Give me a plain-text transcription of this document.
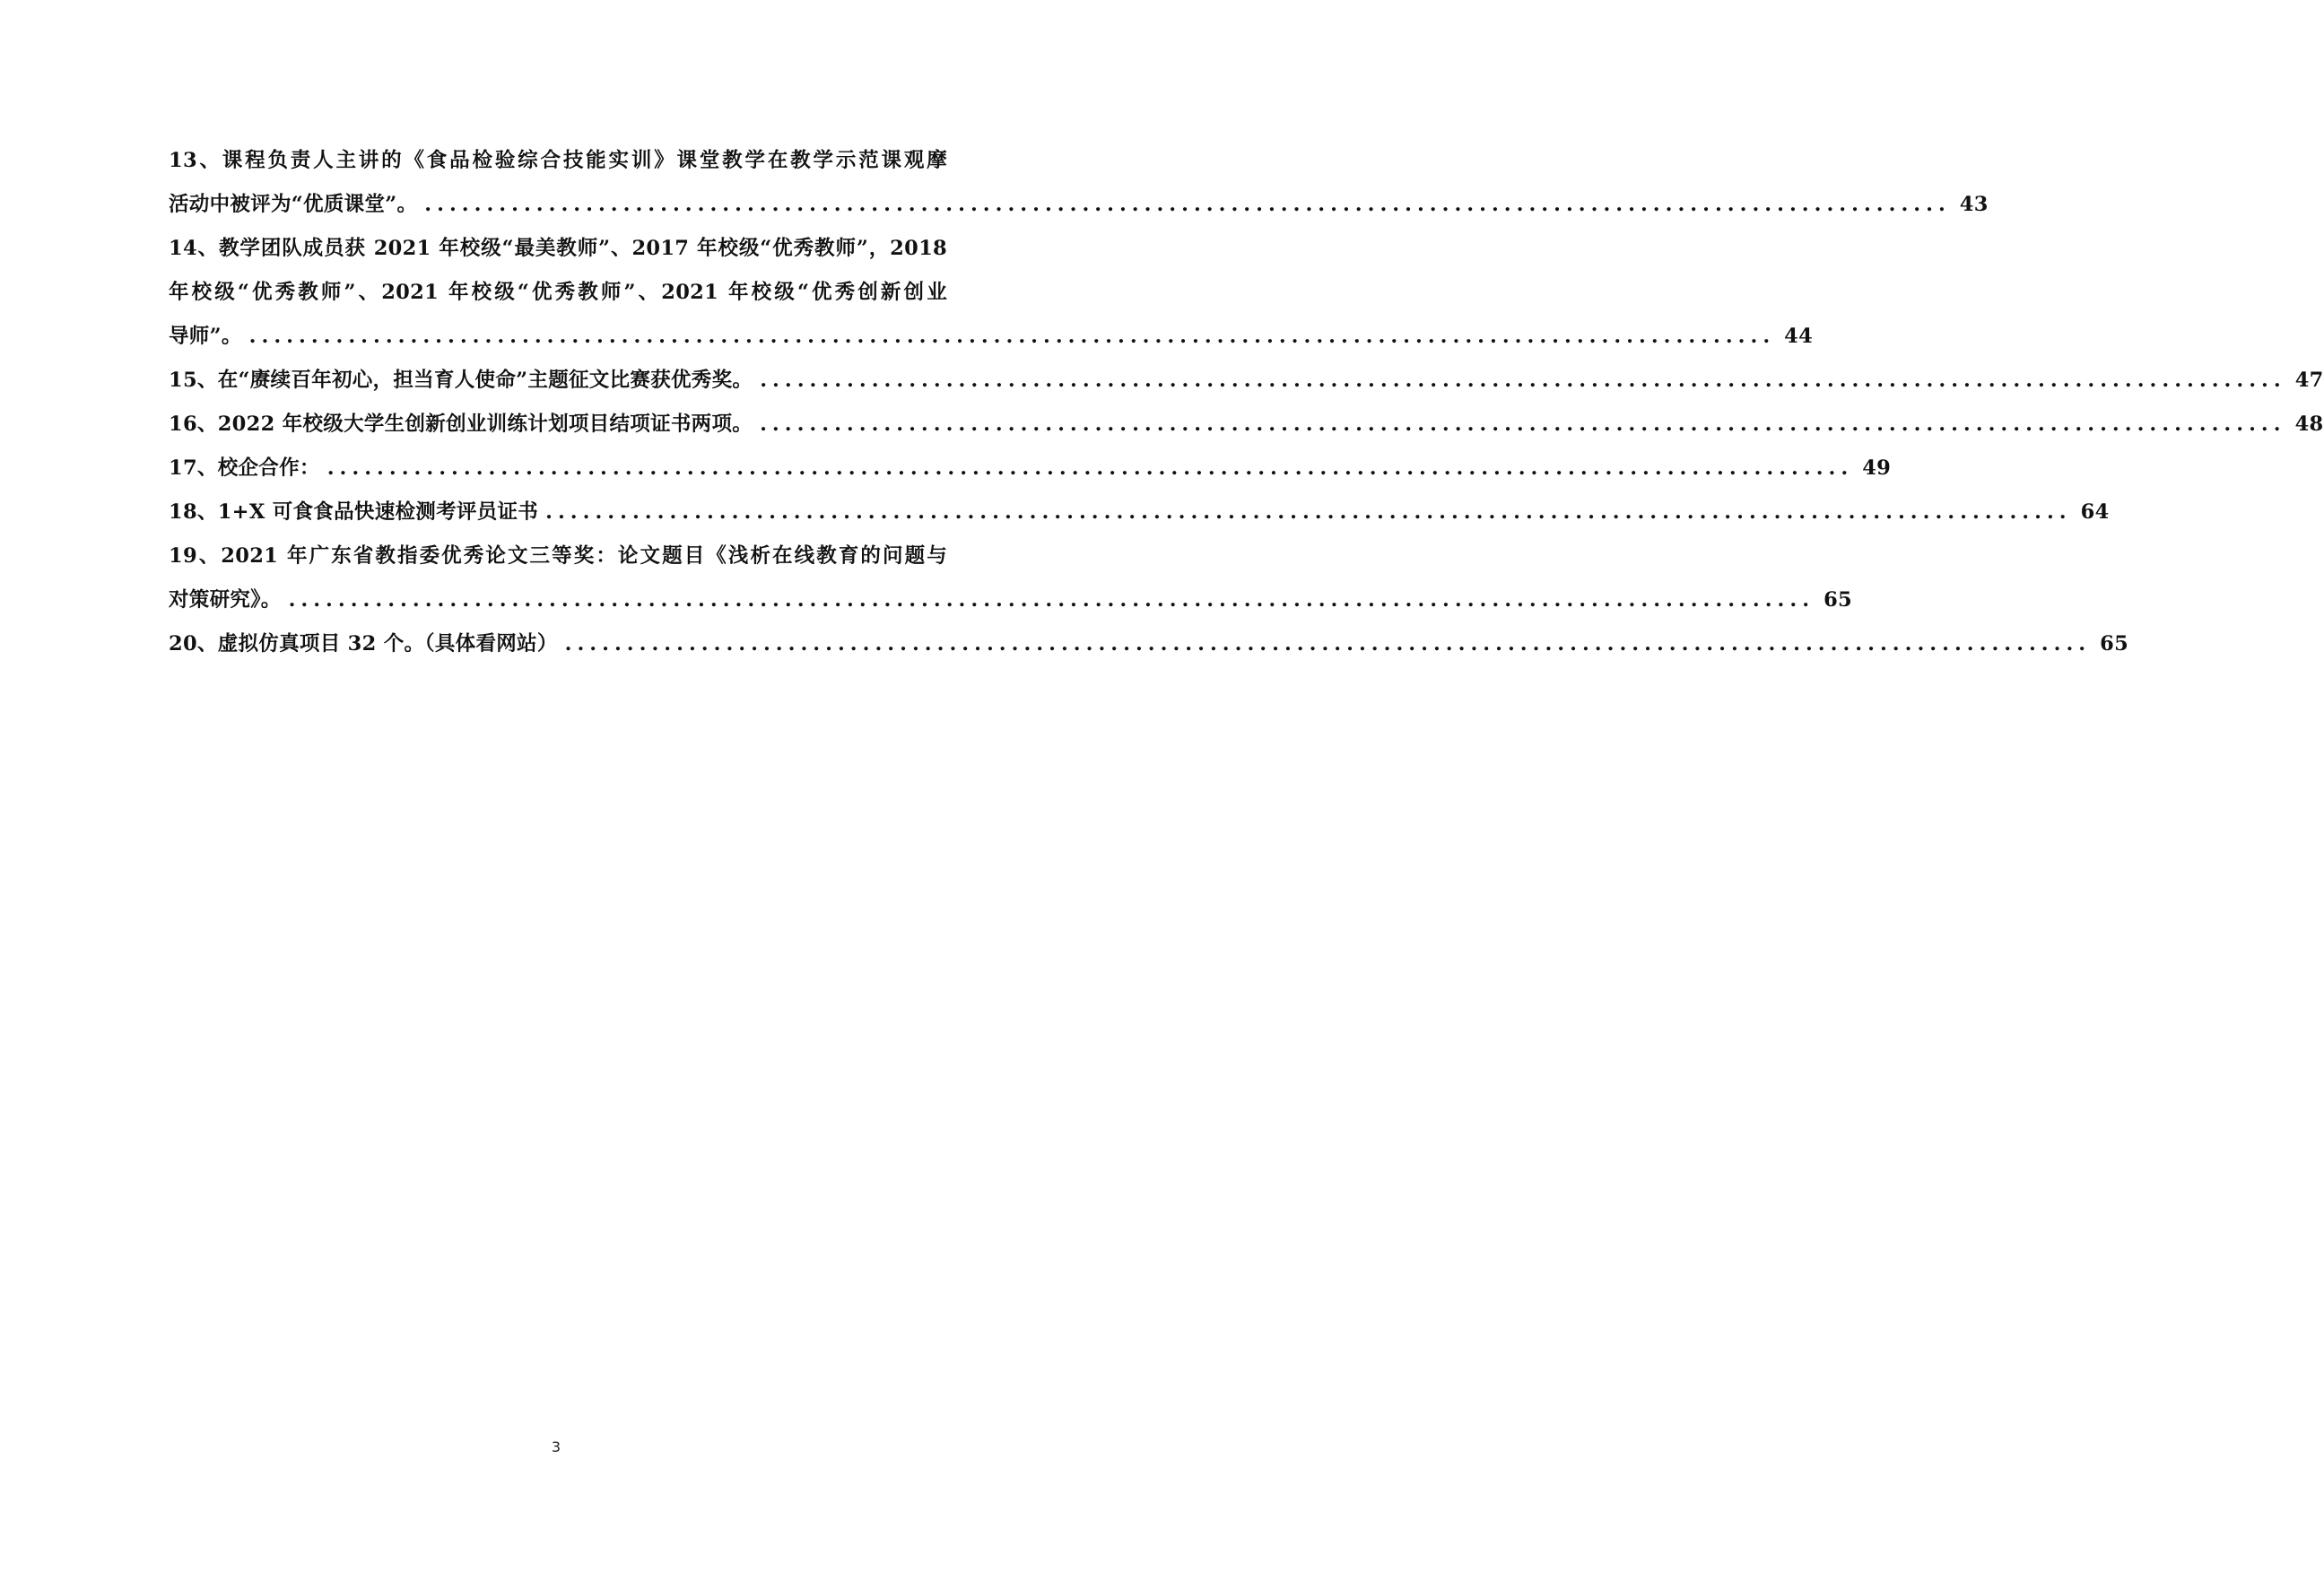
13、课程负责人主讲的《食品检验综合技能实训》课堂教学在教学示范课观摩
活动中被评为“优质课堂”。 ........................................................................................................................... 43
14、教学团队成员获 2021 年校级“最美教师”、2017 年校级“优秀教师”，2018
年校级“优秀教师”、2021 年校级“优秀教师”、2021 年校级“优秀创新创业
导师”。 ........................................................................................................................... 44
15、在“赓续百年初心，担当育人使命”主题征文比赛获优秀奖。 ........................................................................................................................... 47
16、2022 年校级大学生创新创业训练计划项目结项证书两项。 ........................................................................................................................... 48
17、校企合作： ........................................................................................................................... 49
18、1+X 可食食品快速检测考评员证书 ........................................................................................................................... 64
19、2021 年广东省教指委优秀论文三等奖：论文题目《浅析在线教育的问题与
对策研究》。 ........................................................................................................................... 65
20、虚拟仿真项目 32 个。（具体看网站） ........................................................................................................................... 65
3
